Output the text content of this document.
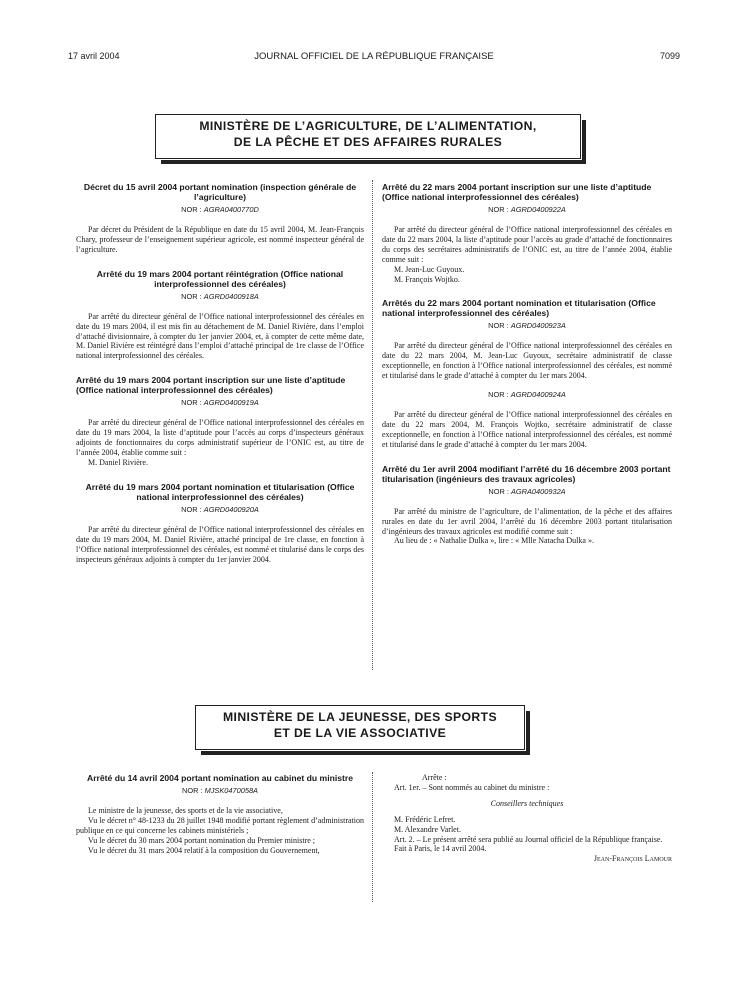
17 avril 2004	JOURNAL OFFICIEL DE LA RÉPUBLIQUE FRANÇAISE	7099
MINISTÈRE DE L’AGRICULTURE, DE L’ALIMENTATION,
DE LA PÊCHE ET DES AFFAIRES RURALES

Décret du 15 avril 2004 portant nomination (inspection générale de l’agriculture)

NOR : AGRA0400770D

Par décret du Président de la République en date du 15 avril 2004, M. Jean-François Chary, professeur de l’enseignement supérieur agricole, est nommé inspecteur général de l’agriculture.

Arrêté du 19 mars 2004 portant réintégration (Office national interprofessionnel des céréales)

NOR : AGRD0400918A

Par arrêté du directeur général de l’Office national interprofessionnel des céréales en date du 19 mars 2004, il est mis fin au détachement de M. Daniel Rivière, dans l’emploi d’attaché divisionnaire, à compter du 1er janvier 2004, et, à compter de cette même date, M. Daniel Rivière est réintégré dans l’emploi d’attaché principal de 1re classe de l’Office national interprofessionnel des céréales.

Arrêté du 19 mars 2004 portant inscription sur une liste d’aptitude (Office national interprofessionnel des céréales)

NOR : AGRD0400919A

Par arrêté du directeur général de l’Office national interprofessionnel des céréales en date du 19 mars 2004, la liste d’aptitude pour l’accès au corps d’inspecteurs généraux adjoints de fonctionnaires du corps administratif supérieur de l’ONIC est, au titre de l’année 2004, établie comme suit :

M. Daniel Rivière.

Arrêté du 19 mars 2004 portant nomination et titularisation (Office national interprofessionnel des céréales)

NOR : AGRD0400920A

Par arrêté du directeur général de l’Office national interprofessionnel des céréales en date du 19 mars 2004, M. Daniel Rivière, attaché principal de 1re classe, en fonction à l’Office national interprofessionnel des céréales, est nommé et titularisé dans le corps des inspecteurs généraux adjoints à compter du 1er janvier 2004.

Arrêté du 22 mars 2004 portant inscription sur une liste d’aptitude (Office national interprofessionnel des céréales)

NOR : AGRD0400922A

Par arrêté du directeur général de l’Office national interprofessionnel des céréales en date du 22 mars 2004, la liste d’aptitude pour l’accès au grade d’attaché de fonctionnaires du corps des secrétaires administratifs de l’ONIC est, au titre de l’année 2004, établie comme suit :

M. Jean-Luc Guyoux.

M. François Wojtko.

Arrêtés du 22 mars 2004 portant nomination et titularisation (Office national interprofessionnel des céréales)

NOR : AGRD0400923A

Par arrêté du directeur général de l’Office national interprofessionnel des céréales en date du 22 mars 2004, M. Jean-Luc Guyoux, secrétaire administratif de classe exceptionnelle, en fonction à l’Office national interprofessionnel des céréales, est nommé et titularisé dans le grade d’attaché à compter du 1er mars 2004.

NOR : AGRD0400924A

Par arrêté du directeur général de l’Office national interprofessionnel des céréales en date du 22 mars 2004, M. François Wojtko, secrétaire administratif de classe exceptionnelle, en fonction à l’Office national interprofessionnel des céréales, est nommé et titularisé dans le grade d’attaché à compter du 1er mars 2004.

Arrêté du 1er avril 2004 modifiant l’arrêté du 16 décembre 2003 portant titularisation (ingénieurs des travaux agricoles)

NOR : AGRA0400932A

Par arrêté du ministre de l’agriculture, de l’alimentation, de la pêche et des affaires rurales en date du 1er avril 2004, l’arrêté du 16 décembre 2003 portant titularisation d’ingénieurs des travaux agricoles est modifié comme suit :

Au lieu de : « Nathalie Dulka », lire : « Mlle Natacha Dulka ».

MINISTÈRE DE LA JEUNESSE, DES SPORTS
ET DE LA VIE ASSOCIATIVE

Arrêté du 14 avril 2004 portant nomination au cabinet du ministre

NOR : MJSK0470058A

Le ministre de la jeunesse, des sports et de la vie associative,

Vu le décret n° 48-1233 du 28 juillet 1948 modifié portant règlement d’administration publique en ce qui concerne les cabinets ministériels ;

Vu le décret du 30 mars 2004 portant nomination du Premier ministre ;

Vu le décret du 31 mars 2004 relatif à la composition du Gouvernement,

Arrête :

Art. 1er. – Sont nommés au cabinet du ministre :

Conseillers techniques

M. Frédéric Lefret.

M. Alexandre Varlet.

Art. 2. – Le présent arrêté sera publié au Journal officiel de la République française.

Fait à Paris, le 14 avril 2004.

Jean-François Lamour
